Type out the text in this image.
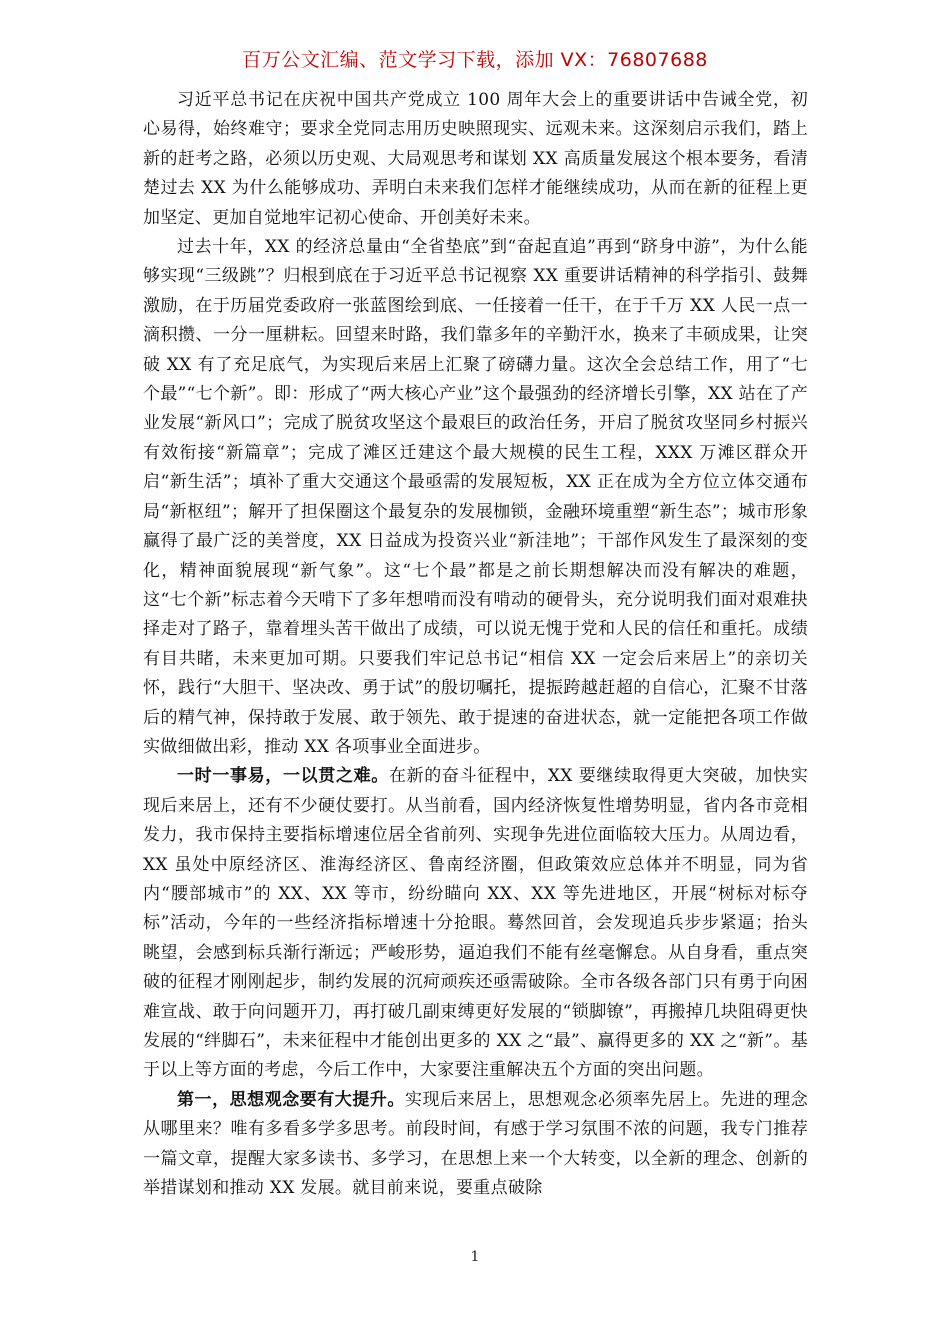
百万公文汇编、范文学习下载，添加 VX：76807688

习近平总书记在庆祝中国共产党成立 100 周年大会上的重要讲话中告诫全党，初心易得，始终难守；要求全党同志用历史映照现实、远观未来。这深刻启示我们，踏上新的赶考之路，必须以历史观、大局观思考和谋划 XX 高质量发展这个根本要务，看清楚过去 XX 为什么能够成功、弄明白未来我们怎样才能继续成功，从而在新的征程上更加坚定、更加自觉地牢记初心使命、开创美好未来。

过去十年，XX 的经济总量由“全省垫底”到“奋起直追”再到“跻身中游”，为什么能够实现“三级跳”？归根到底在于习近平总书记视察 XX 重要讲话精神的科学指引、鼓舞激励，在于历届党委政府一张蓝图绘到底、一任接着一任干，在于千万 XX 人民一点一滴积攒、一分一厘耕耘。回望来时路，我们靠多年的辛勤汗水，换来了丰硕成果，让突破 XX 有了充足底气，为实现后来居上汇聚了磅礴力量。这次全会总结工作，用了“七个最”“七个新”。即：形成了“两大核心产业”这个最强劲的经济增长引擎，XX 站在了产业发展“新风口”；完成了脱贫攻坚这个最艰巨的政治任务，开启了脱贫攻坚同乡村振兴有效衔接“新篇章”；完成了滩区迁建这个最大规模的民生工程，XXX 万滩区群众开启“新生活”；填补了重大交通这个最亟需的发展短板，XX 正在成为全方位立体交通布局“新枢纽”；解开了担保圈这个最复杂的发展枷锁，金融环境重塑“新生态”；城市形象赢得了最广泛的美誉度，XX 日益成为投资兴业“新洼地”；干部作风发生了最深刻的变化，精神面貌展现“新气象”。这“七个最”都是之前长期想解决而没有解决的难题，这“七个新”标志着今天啃下了多年想啃而没有啃动的硬骨头，充分说明我们面对艰难抉择走对了路子，靠着埋头苦干做出了成绩，可以说无愧于党和人民的信任和重托。成绩有目共睹，未来更加可期。只要我们牢记总书记“相信 XX 一定会后来居上”的亲切关怀，践行“大胆干、坚决改、勇于试”的殷切嘱托，提振跨越赶超的自信心，汇聚不甘落后的精气神，保持敢于发展、敢于领先、敢于提速的奋进状态，就一定能把各项工作做实做细做出彩，推动 XX 各项事业全面进步。

一时一事易，一以贯之难。在新的奋斗征程中，XX 要继续取得更大突破，加快实现后来居上，还有不少硬仗要打。从当前看，国内经济恢复性增势明显，省内各市竞相发力，我市保持主要指标增速位居全省前列、实现争先进位面临较大压力。从周边看，XX 虽处中原经济区、淮海经济区、鲁南经济圈，但政策效应总体并不明显，同为省内“腰部城市”的 XX、XX 等市，纷纷瞄向 XX、XX 等先进地区，开展“树标对标夺标”活动，今年的一些经济指标增速十分抢眼。蓦然回首，会发现追兵步步紧逼；抬头眺望，会感到标兵渐行渐远；严峻形势，逼迫我们不能有丝毫懈怠。从自身看，重点突破的征程才刚刚起步，制约发展的沉疴顽疾还亟需破除。全市各级各部门只有勇于向困难宣战、敢于向问题开刀，再打破几副束缚更好发展的“锁脚镣”，再搬掉几块阻碍更快发展的“绊脚石”，未来征程中才能创出更多的 XX 之“最”、赢得更多的 XX 之“新”。基于以上等方面的考虑，今后工作中，大家要注重解决五个方面的突出问题。

第一，思想观念要有大提升。实现后来居上，思想观念必须率先居上。先进的理念从哪里来？唯有多看多学多思考。前段时间，有感于学习氛围不浓的问题，我专门推荐一篇文章，提醒大家多读书、多学习，在思想上来一个大转变，以全新的理念、创新的举措谋划和推动 XX 发展。就目前来说，要重点破除

1
